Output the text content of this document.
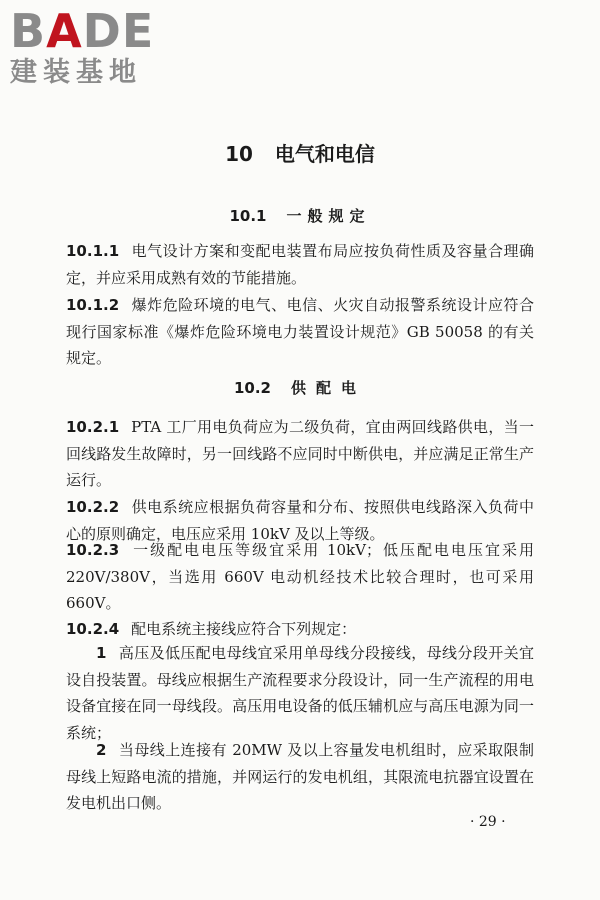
BADE
建装基地
10 电气和电信
10.1 一般规定
10.1.1 电气设计方案和变配电装置布局应按负荷性质及容量合理确定，并应采用成熟有效的节能措施。
10.1.2 爆炸危险环境的电气、电信、火灾自动报警系统设计应符合现行国家标准《爆炸危险环境电力装置设计规范》GB 50058 的有关规定。
10.2 供配电
10.2.1 PTA 工厂用电负荷应为二级负荷，宜由两回线路供电，当一回线路发生故障时，另一回线路不应同时中断供电，并应满足正常生产运行。
10.2.2 供电系统应根据负荷容量和分布、按照供电线路深入负荷中心的原则确定，电压应采用 10kV 及以上等级。
10.2.3 一级配电电压等级宜采用 10kV；低压配电电压宜采用 220V/380V，当选用 660V 电动机经技术比较合理时，也可采用 660V。
10.2.4 配电系统主接线应符合下列规定：
1 高压及低压配电母线宜采用单母线分段接线，母线分段开关宜设自投装置。母线应根据生产流程要求分段设计，同一生产流程的用电设备宜接在同一母线段。高压用电设备的低压辅机应与高压电源为同一系统；
2 当母线上连接有 20MW 及以上容量发电机组时，应采取限制母线上短路电流的措施，并网运行的发电机组，其限流电抗器宜设置在发电机出口侧。
· 29 ·
